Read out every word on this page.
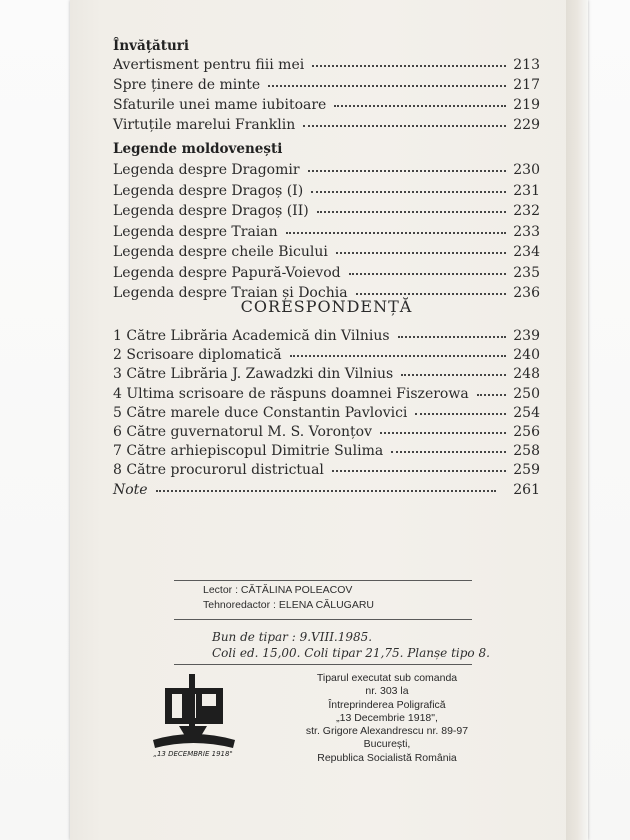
Învățături
Avertisment pentru fiii mei	213
Spre ținere de minte	217
Sfaturile unei mame iubitoare	219
Virtuțile marelui Franklin	229
Legende moldovenești
Legenda despre Dragomir	230
Legenda despre Dragoș (I)	231
Legenda despre Dragoș (II)	232
Legenda despre Traian	233
Legenda despre cheile Bicului	234
Legenda despre Papură-Voievod	235
Legenda despre Traian și Dochia	236
CORESPONDENȚĂ
1 Către Librăria Academică din Vilnius	239
2 Scrisoare diplomatică	240
3 Către Librăria J. Zawadzki din Vilnius	248
4 Ultima scrisoare de răspuns doamnei Fiszerowa	250
5 Către marele duce Constantin Pavlovici	254
6 Către guvernatorul M. S. Voronțov	256
7 Către arhiepiscopul Dimitrie Sulima	258
8 Către procurorul districtual	259
Note	261
Lector : CĂTĂLINA POLEACOV
Tehnoredactor : ELENA CĂLUGARU
Bun de tipar : 9.VIII.1985.
Coli ed. 15,00. Coli tipar 21,75. Planșe tipo 8.
„13 DECEMBRIE 1918"
Tiparul executat sub comanda
nr. 303 la
Întreprinderea Poligrafică
„13 Decembrie 1918",
str. Grigore Alexandrescu nr. 89-97
București,
Republica Socialistă România
